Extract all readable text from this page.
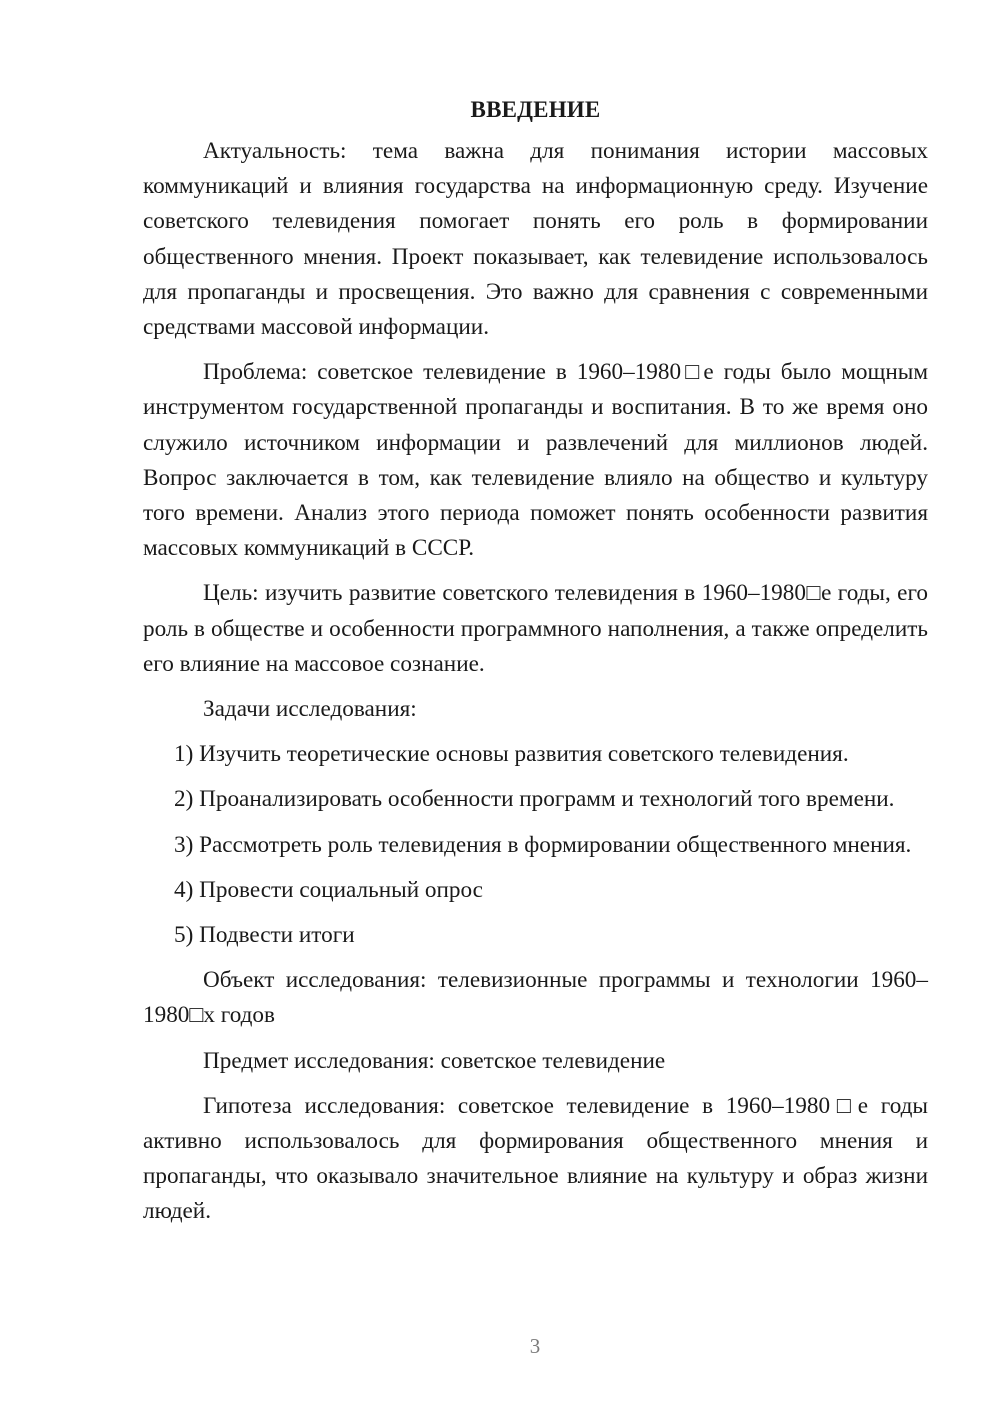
ВВЕДЕНИЕ

Актуальность: тема важна для понимания истории массовых коммуникаций и влияния государства на информационную среду. Изучение советского телевидения помогает понять его роль в формировании общественного мнения. Проект показывает, как телевидение использовалось для пропаганды и просвещения. Это важно для сравнения с современными средствами массовой информации.

Проблема: советское телевидение в 1960–1980□е годы было мощным инструментом государственной пропаганды и воспитания. В то же время оно служило источником информации и развлечений для миллионов людей. Вопрос заключается в том, как телевидение влияло на общество и культуру того времени. Анализ этого периода поможет понять особенности развития массовых коммуникаций в СССР.

Цель: изучить развитие советского телевидения в 1960–1980□е годы, его роль в обществе и особенности программного наполнения, а также определить его влияние на массовое сознание.

Задачи исследования:

1) Изучить теоретические основы развития советского телевидения.

2) Проанализировать особенности программ и технологий того времени.

3) Рассмотреть роль телевидения в формировании общественного мнения.

4) Провести социальный опрос

5) Подвести итоги

Объект исследования: телевизионные программы и технологии 1960–1980□х годов

Предмет исследования: советское телевидение

Гипотеза исследования: советское телевидение в 1960–1980□е годы активно использовалось для формирования общественного мнения и пропаганды, что оказывало значительное влияние на культуру и образ жизни людей.

3
